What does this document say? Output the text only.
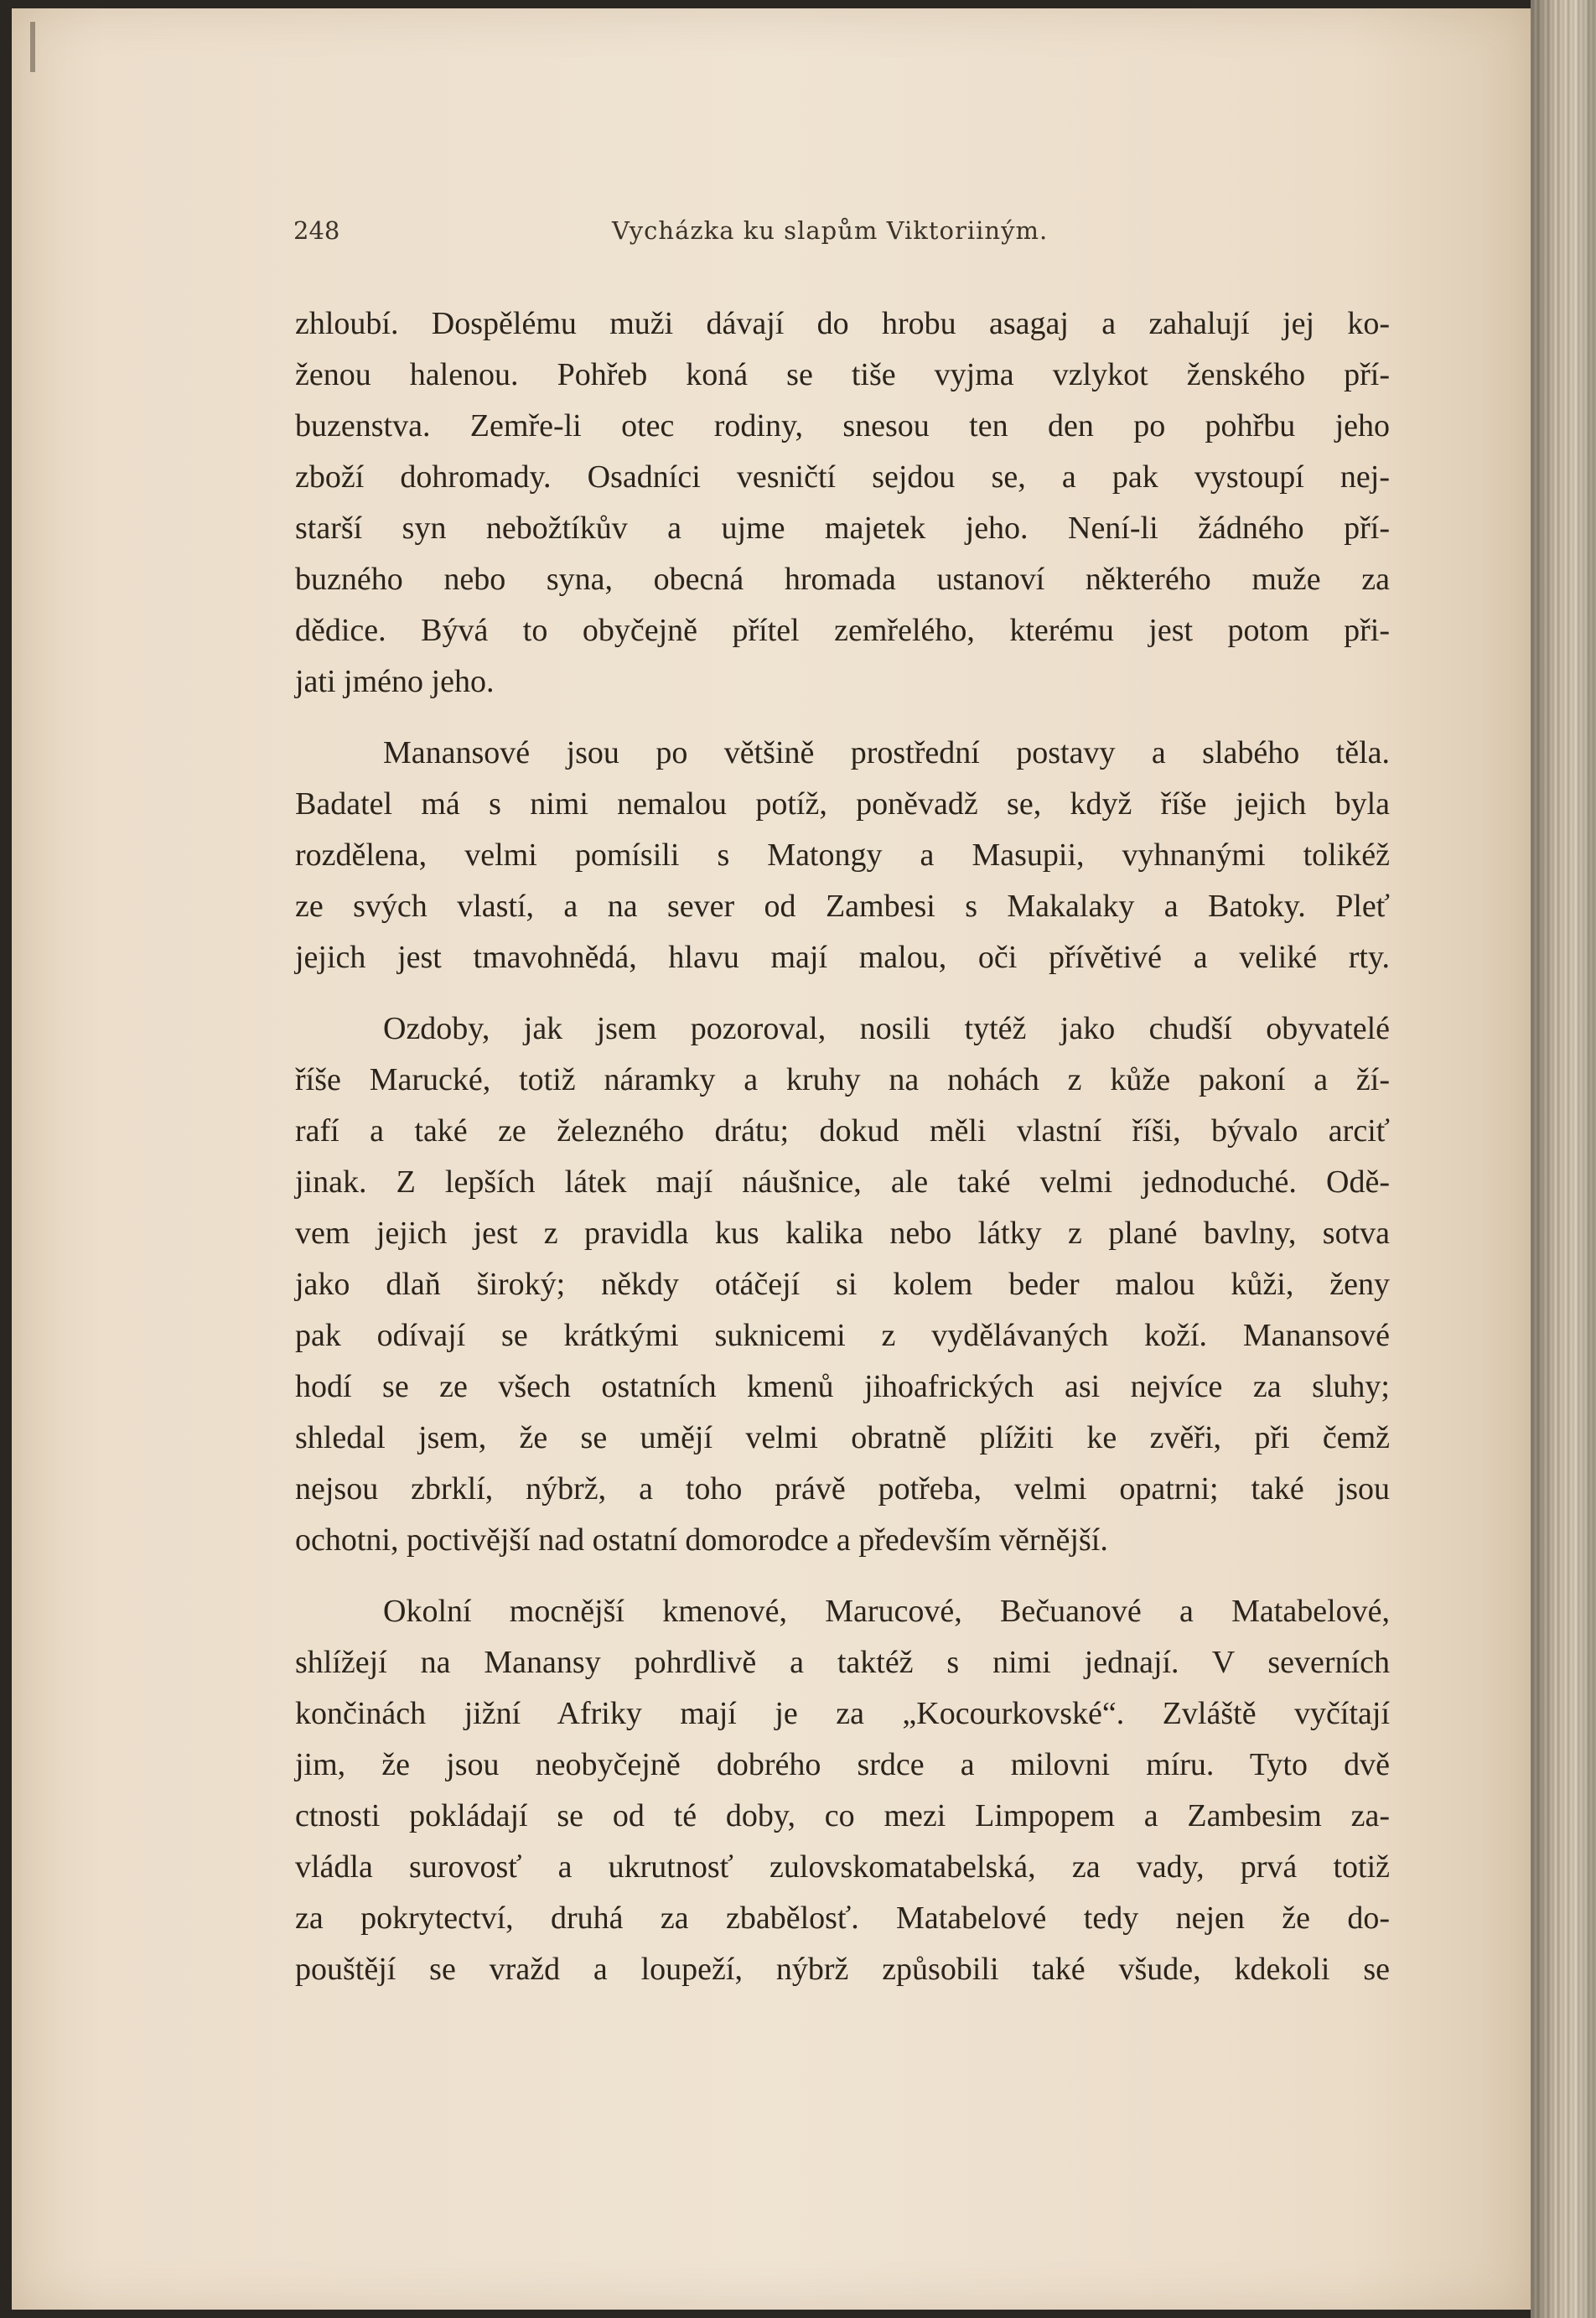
248	Vycházka ku slapům Viktoriiným.
zhloubí. Dospělému muži dávají do hrobu asagaj a zahalují jej ko-
ženou halenou. Pohřeb koná se tiše vyjma vzlykot ženského pří-
buzenstva. Zemře-li otec rodiny, snesou ten den po pohřbu jeho
zboží dohromady. Osadníci vesničtí sejdou se, a pak vystoupí nej-
starší syn nebožtíkův a ujme majetek jeho. Není-li žádného pří-
buzného nebo syna, obecná hromada ustanoví některého muže za
dědice. Bývá to obyčejně přítel zemřelého, kterému jest potom při-
jati jméno jeho.
Manansové jsou po většině prostřední postavy a slabého těla.
Badatel má s nimi nemalou potíž, poněvadž se, když říše jejich byla
rozdělena, velmi pomísili s Matongy a Masupii, vyhnanými tolikéž
ze svých vlastí, a na sever od Zambesi s Makalaky a Batoky. Pleť
jejich jest tmavohnědá, hlavu mají malou, oči přívětivé a veliké rty.
Ozdoby, jak jsem pozoroval, nosili tytéž jako chudší obyvatelé
říše Marucké, totiž náramky a kruhy na nohách z kůže pakoní a ží-
rafí a také ze železného drátu; dokud měli vlastní říši, bývalo arciť
jinak. Z lepších látek mají náušnice, ale také velmi jednoduché. Odě-
vem jejich jest z pravidla kus kalika nebo látky z plané bavlny, sotva
jako dlaň široký; někdy otáčejí si kolem beder malou kůži, ženy
pak odívají se krátkými suknicemi z vydělávaných koží. Manansové
hodí se ze všech ostatních kmenů jihoafrických asi nejvíce za sluhy;
shledal jsem, že se umějí velmi obratně plížiti ke zvěři, při čemž
nejsou zbrklí, nýbrž, a toho právě potřeba, velmi opatrni; také jsou
ochotni, poctivější nad ostatní domorodce a především věrnější.
Okolní mocnější kmenové, Marucové, Bečuanové a Matabelové,
shlížejí na Manansy pohrdlivě a taktéž s nimi jednají. V severních
končinách jižní Afriky mají je za „Kocourkovské“. Zvláště vyčítají
jim, že jsou neobyčejně dobrého srdce a milovni míru. Tyto dvě
ctnosti pokládají se od té doby, co mezi Limpopem a Zambesim za-
vládla surovosť a ukrutnosť zulovskomatabelská, za vady, prvá totiž
za pokrytectví, druhá za zbabělosť. Matabelové tedy nejen že do-
pouštějí se vražd a loupeží, nýbrž způsobili také všude, kdekoli se
